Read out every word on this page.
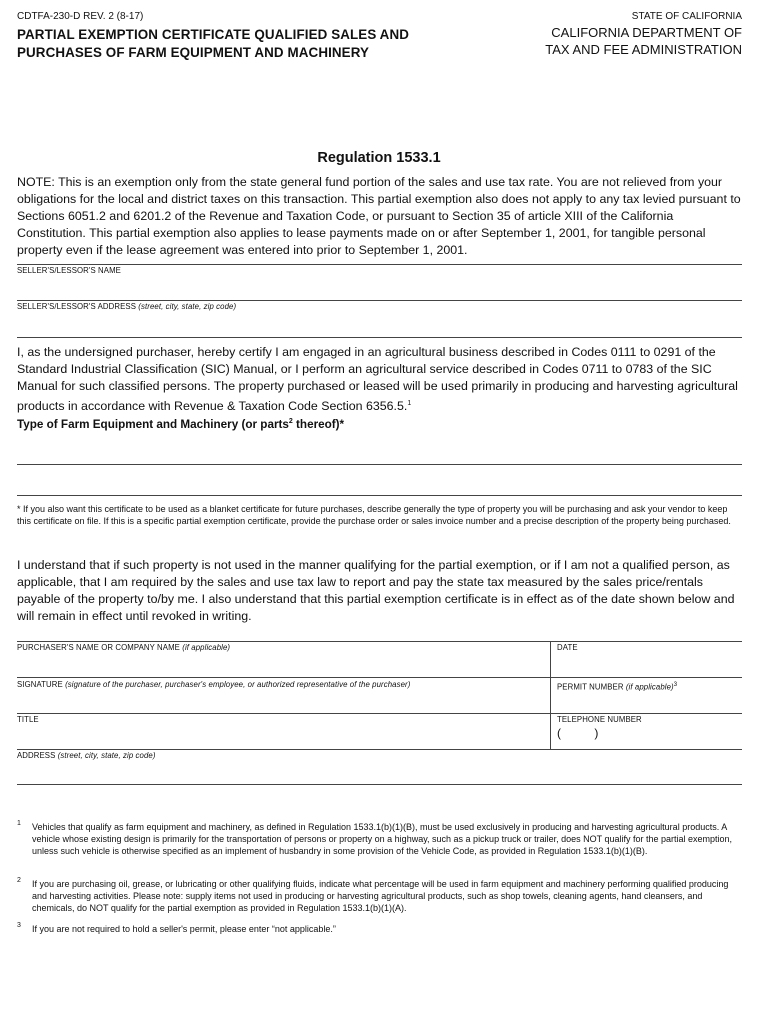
CDTFA-230-D REV. 2 (8-17)
PARTIAL EXEMPTION CERTIFICATE QUALIFIED SALES AND
PURCHASES OF FARM EQUIPMENT AND MACHINERY
STATE OF CALIFORNIA
CALIFORNIA DEPARTMENT OF
TAX AND FEE ADMINISTRATION
Regulation 1533.1
NOTE: This is an exemption only from the state general fund portion of the sales and use tax rate. You are not relieved from your obligations for the local and district taxes on this transaction. This partial exemption also does not apply to any tax levied pursuant to Sections 6051.2 and 6201.2 of the Revenue and Taxation Code, or pursuant to Section 35 of article XIII of the California Constitution. This partial exemption also applies to lease payments made on or after September 1, 2001, for tangible personal property even if the lease agreement was entered into prior to September 1, 2001.
SELLER'S/LESSOR'S NAME
SELLER'S/LESSOR'S ADDRESS (street, city, state, zip code)
I, as the undersigned purchaser, hereby certify I am engaged in an agricultural business described in Codes 0111 to 0291 of the Standard Industrial Classification (SIC) Manual, or I perform an agricultural service described in Codes 0711 to 0783 of the SIC Manual for such classified persons. The property purchased or leased will be used primarily in producing and harvesting agricultural products in accordance with Revenue & Taxation Code Section 6356.5.$^1$
Type of Farm Equipment and Machinery (or parts$^2$ thereof)*
* If you also want this certificate to be used as a blanket certificate for future purchases, describe generally the type of property you will be purchasing and ask your vendor to keep this certificate on file. If this is a specific partial exemption certificate, provide the purchase order or sales invoice number and a precise description of the property being purchased.
I understand that if such property is not used in the manner qualifying for the partial exemption, or if I am not a qualified person, as applicable, that I am required by the sales and use tax law to report and pay the state tax measured by the sales price/rentals payable of the property to/by me. I also understand that this partial exemption certificate is in effect as of the date shown below and will remain in effect until revoked in writing.
PURCHASER'S NAME OR COMPANY NAME (if applicable)	DATE
SIGNATURE (signature of the purchaser, purchaser's employee, or authorized representative of the purchaser)	PERMIT NUMBER (if applicable)$^3$
TITLE	TELEPHONE NUMBER
(          )
ADDRESS (street, city, state, zip code)
1 Vehicles that qualify as farm equipment and machinery, as defined in Regulation 1533.1(b)(1)(B), must be used exclusively in producing and harvesting agricultural products. A vehicle whose existing design is primarily for the transportation of persons or property on a highway, such as a pickup truck or trailer, does NOT qualify for the partial exemption, unless such vehicle is otherwise specified as an implement of husbandry in some provision of the Vehicle Code, as provided in Regulation 1533.1(b)(1)(B).
2 If you are purchasing oil, grease, or lubricating or other qualifying fluids, indicate what percentage will be used in farm equipment and machinery performing qualified producing and harvesting activities. Please note: supply items not used in producing or harvesting agricultural products, such as shop towels, cleaning agents, hand cleansers, and chemicals, do NOT qualify for the partial exemption as provided in Regulation 1533.1(b)(1)(A).
3 If you are not required to hold a seller's permit, please enter “not applicable.”
